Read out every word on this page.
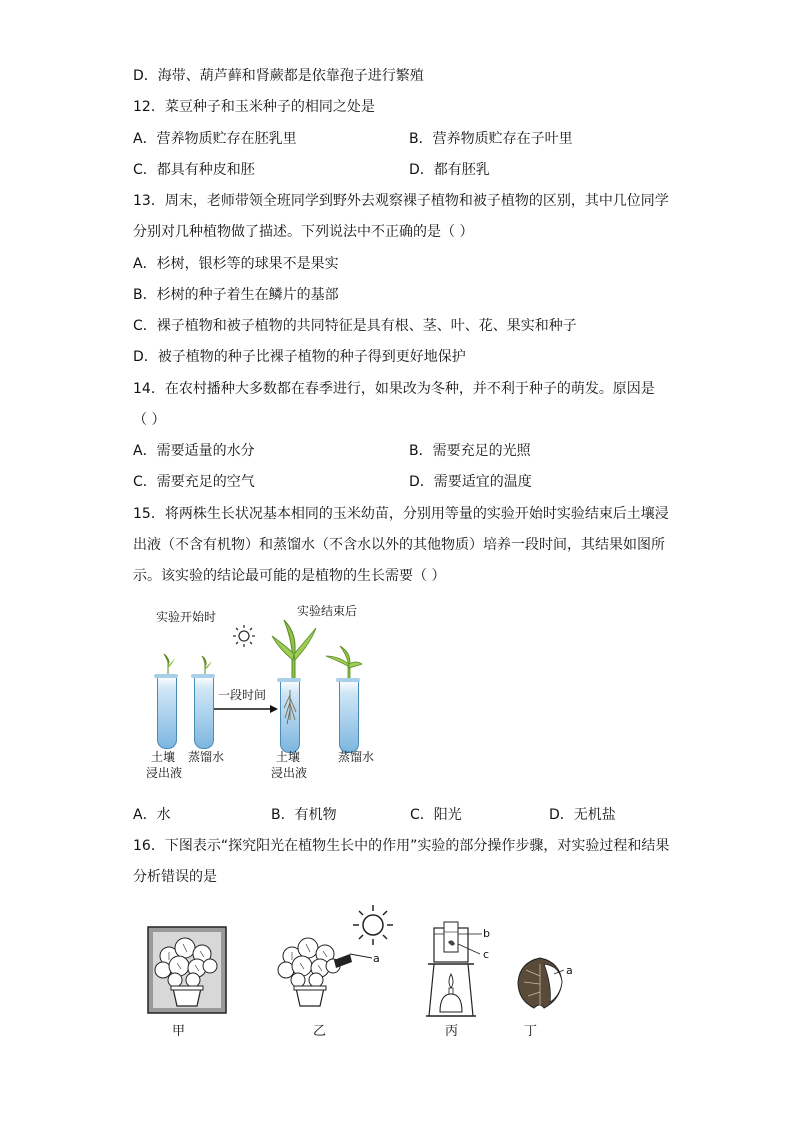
D．海带、葫芦藓和肾蕨都是依靠孢子进行繁殖
12．菜豆种子和玉米种子的相同之处是
A．营养物质贮存在胚乳里	B．营养物质贮存在子叶里
C．都具有种皮和胚	D．都有胚乳
13．周末，老师带领全班同学到野外去观察裸子植物和被子植物的区别，其中几位同学
分别对几种植物做了描述。下列说法中不正确的是（ ）
A．杉树，银杉等的球果不是果实
B．杉树的种子着生在鳞片的基部
C．裸子植物和被子植物的共同特征是具有根、茎、叶、花、果实和种子
D．被子植物的种子比裸子植物的种子得到更好地保护
14．在农村播种大多数都在春季进行，如果改为冬种，并不利于种子的萌发。原因是
（ ）
A．需要适量的水分	B．需要充足的光照
C．需要充足的空气	D．需要适宜的温度
15．将两株生长状况基本相同的玉米幼苗，分别用等量的实验开始时实验结束后土壤浸
出液（不含有机物）和蒸馏水（不含水以外的其他物质）培养一段时间，其结果如图所
示。该实验的结论最可能的是植物的生长需要（ ）
实验开始时	实验结束后
一段时间
土壤
浸出液
蒸馏水	土壤
浸出液
蒸馏水
A．水	B．有机物	C．阳光	D．无机盐
16．下图表示“探究阳光在植物生长中的作用”实验的部分操作步骤，对实验过程和结果
分析错误的是
a
b
c
a
甲	乙	丙	丁
